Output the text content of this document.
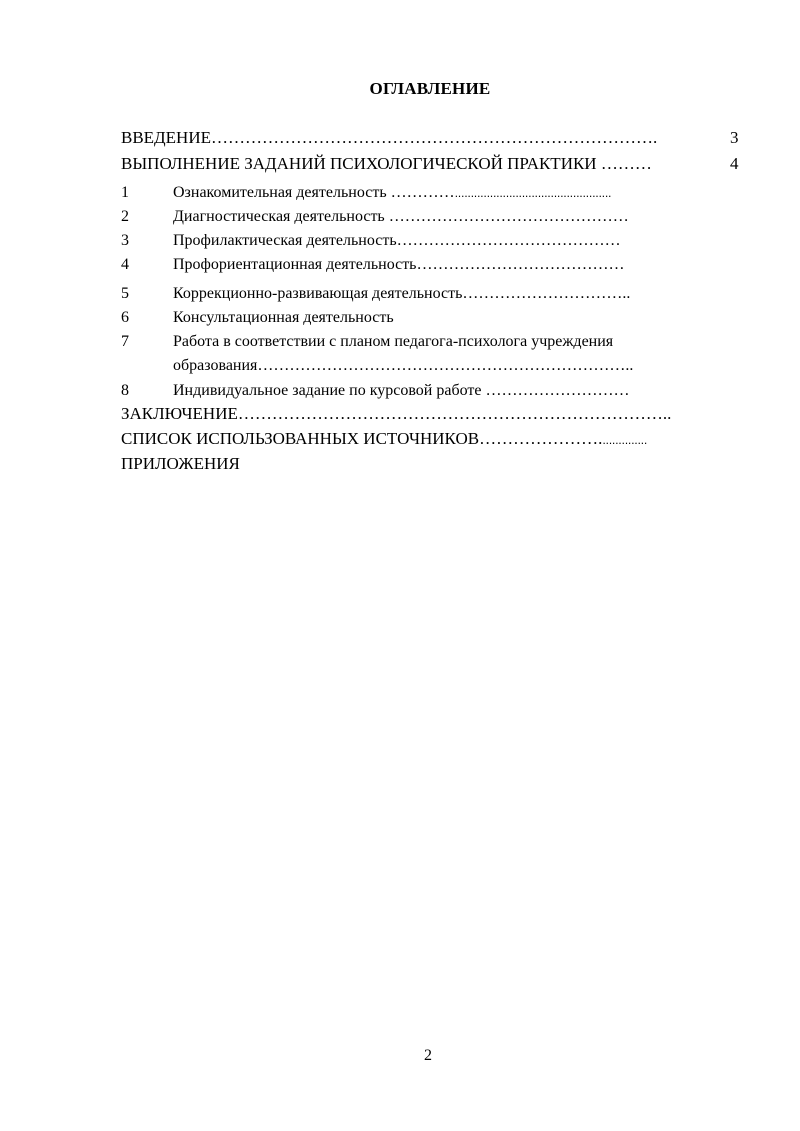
ОГЛАВЛЕНИЕ
ВВЕДЕНИЕ…………………………………………………………………….	3
ВЫПОЛНЕНИЕ ЗАДАНИЙ ПСИХОЛОГИЧЕСКОЙ ПРАКТИКИ ………	4
1	Ознакомительная деятельность ………….................................................
2	Диагностическая деятельность ………………………………………
3	Профилактическая деятельность……………………………………
4	Профориентационная деятельность…………………………………
5	Коррекционно-развивающая деятельность…………………………..
6	Консультационная деятельность
7	Работа в соответствии с планом педагога-психолога учреждения
образования……………………………………………………………..
8	Индивидуальное задание по курсовой работе ………………………
ЗАКЛЮЧЕНИЕ…………………………………………………………………..
СПИСОК ИСПОЛЬЗОВАННЫХ ИСТОЧНИКОВ…………………...............
ПРИЛОЖЕНИЯ
2
